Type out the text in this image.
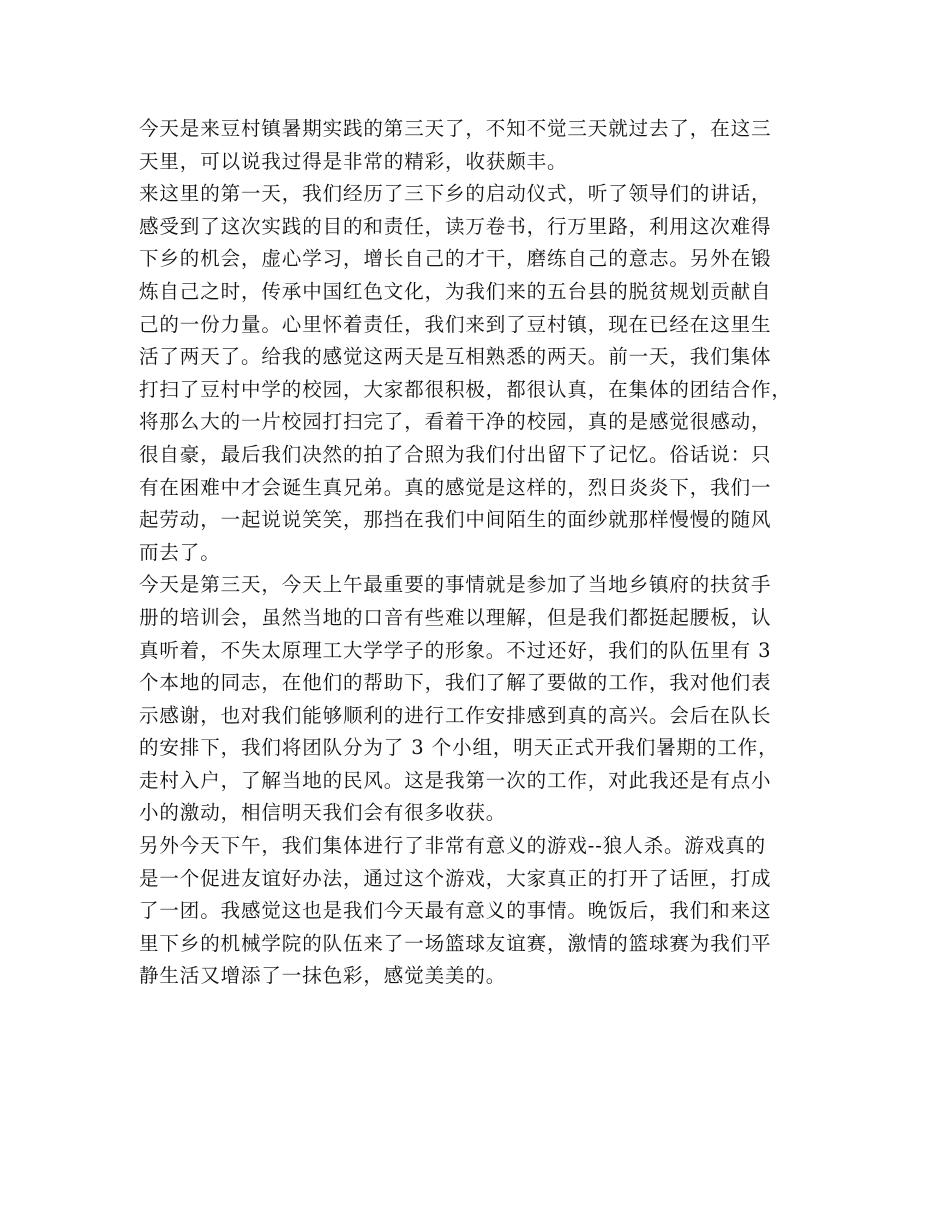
今天是来豆村镇暑期实践的第三天了，不知不觉三天就过去了，在这三
天里，可以说我过得是非常的精彩，收获颇丰。
来这里的第一天，我们经历了三下乡的启动仪式，听了领导们的讲话，
感受到了这次实践的目的和责任，读万卷书，行万里路，利用这次难得
下乡的机会，虚心学习，增长自己的才干，磨练自己的意志。另外在锻
炼自己之时，传承中国红色文化，为我们来的五台县的脱贫规划贡献自
己的一份力量。心里怀着责任，我们来到了豆村镇，现在已经在这里生
活了两天了。给我的感觉这两天是互相熟悉的两天。前一天，我们集体
打扫了豆村中学的校园，大家都很积极，都很认真，在集体的团结合作，
将那么大的一片校园打扫完了，看着干净的校园，真的是感觉很感动，
很自豪，最后我们决然的拍了合照为我们付出留下了记忆。俗话说：只
有在困难中才会诞生真兄弟。真的感觉是这样的，烈日炎炎下，我们一
起劳动，一起说说笑笑，那挡在我们中间陌生的面纱就那样慢慢的随风
而去了。
今天是第三天，今天上午最重要的事情就是参加了当地乡镇府的扶贫手
册的培训会，虽然当地的口音有些难以理解，但是我们都挺起腰板，认
真听着，不失太原理工大学学子的形象。不过还好，我们的队伍里有 3
个本地的同志，在他们的帮助下，我们了解了要做的工作，我对他们表
示感谢，也对我们能够顺利的进行工作安排感到真的高兴。会后在队长
的安排下，我们将团队分为了 3 个小组，明天正式开我们暑期的工作，
走村入户，了解当地的民风。这是我第一次的工作，对此我还是有点小
小的激动，相信明天我们会有很多收获。
另外今天下午，我们集体进行了非常有意义的游戏--狼人杀。游戏真的
是一个促进友谊好办法，通过这个游戏，大家真正的打开了话匣，打成
了一团。我感觉这也是我们今天最有意义的事情。晚饭后，我们和来这
里下乡的机械学院的队伍来了一场篮球友谊赛，激情的篮球赛为我们平
静生活又增添了一抹色彩，感觉美美的。
